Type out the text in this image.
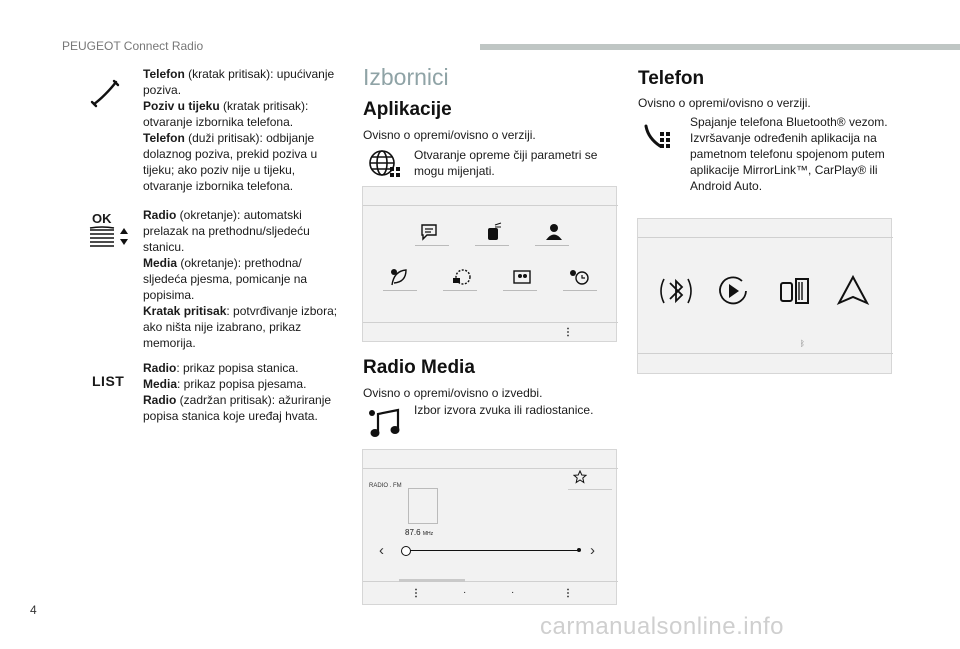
PEUGEOT Connect Radio
Telefon (kratak pritisak): upućivanje poziva.
Poziv u tijeku (kratak pritisak): otvaranje izbornika telefona.
Telefon (duži pritisak): odbijanje dolaznog poziva, prekid poziva u tijeku; ako poziv nije u tijeku, otvaranje izbornika telefona.
OK	Radio (okretanje): automatski prelazak na prethodnu/sljedeću stanicu.
Media (okretanje): prethodna/ sljedeća pjesma, pomicanje na popisima.
Kratak pritisak: potvrđivanje izbora; ako ništa nije izabrano, prikaz memorija.
LIST
Radio: prikaz popisa stanica.
Media: prikaz popisa pjesama.
Radio (zadržan pritisak): ažuriranje popisa stanica koje uređaj hvata.
Izbornici
Aplikacije
Ovisno o opremi/ovisno o verziji.
Otvaranje opreme čiji parametri se mogu mijenjati.
⋮
Radio Media
Ovisno o opremi/ovisno o izvedbi.
Izbor izvora zvuka ili radiostanice.
RADIO . FM
87.6 MHz
‹	›
⋮	·	·	⋮
Telefon
Ovisno o opremi/ovisno o verziji.
Spajanje telefona Bluetooth® vezom. Izvršavanje određenih aplikacija na pametnom telefonu spojenom putem aplikacije MirrorLink™, CarPlay® ili Android Auto.
ᛒ
4
carmanualsonline.info
